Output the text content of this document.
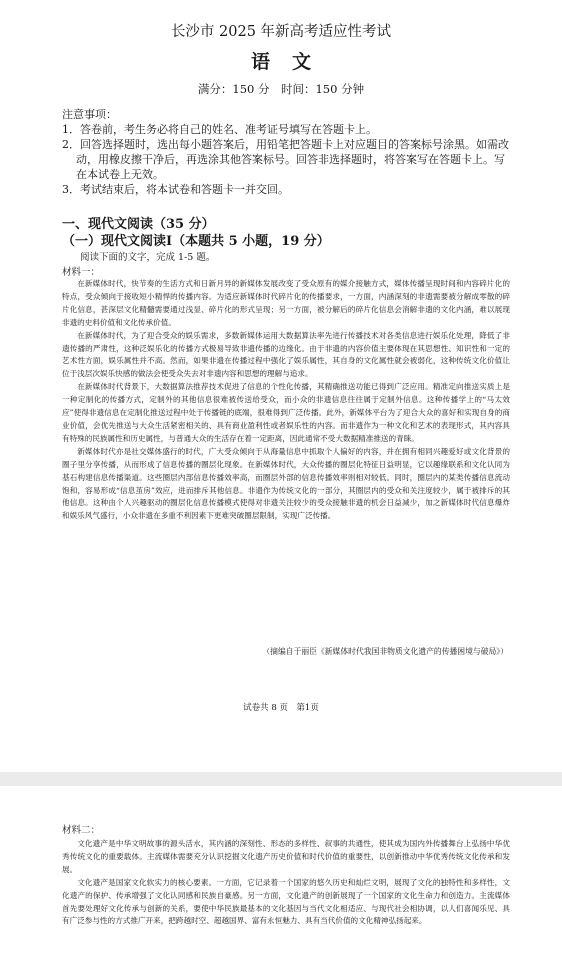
长沙市 2025 年新高考适应性考试
语文
满分：150 分　时间：150 分钟
注意事项：

1．答卷前，考生务必将自己的姓名、准考证号填写在答题卡上。

2．回答选择题时，选出每小题答案后，用铅笔把答题卡上对应题目的答案标号涂黑。如需改动，用橡皮擦干净后，再选涂其他答案标号。回答非选择题时，将答案写在答题卡上。写在本试卷上无效。

3．考试结束后，将本试卷和答题卡一并交回。

一、现代文阅读（35 分）
（一）现代文阅读Ⅰ（本题共 5 小题，19 分）
阅读下面的文字，完成 1-5 题。
材料一：

在新媒体时代，快节奏的生活方式和日新月异的新媒体发展改变了受众原有的媒介接触方式，媒体传播呈现时间和内容碎片化的特点，受众倾向于接收短小精悍的传播内容。为适应新媒体时代碎片化的传播要求，一方面，内涵深刻的非遗需要被分解成零散的碎片化信息，甚深层文化精髓需要通过浅显、碎片化的形式呈现；另一方面，被分解后的碎片化信息会消解非遗的文化内涵，难以展现非遗的史料价值和文化传承价值。

在新媒体时代，为了迎合受众的娱乐需求，多数新媒体运用大数据算法率先进行传播技术对各类信息进行娱乐化处理，降低了非遗传播的严肃性，这种泛娱乐化的传播方式极易导致非遗传播的边缘化。由于非遗的内容价值主要体现在其思想性、知识性和一定的艺术性方面，娱乐属性并不高。然而，如果非遗在传播过程中强化了娱乐属性，其自身的文化属性就会被弱化，这种传统文化价值让位于浅层次娱乐快感的做法会使受众失去对非遗内容和思想的理解与追求。

在新媒体时代背景下，大数据算法推荐技术促进了信息的个性化传播，其精确推送功能已得到广泛应用。精准定向推送实质上是一种定制化的传播方式，定制外的其他信息很难被传送给受众，而小众的非遗信息往往属于定制外信息。这种传播学上的“马太效应”使得非遗信息在定制化推送过程中处于传播链的底端，很难得到广泛传播。此外，新媒体平台为了迎合大众的喜好和实现自身的商业价值，会优先推送与大众生活紧密相关的、具有商业盈利性或者娱乐性的内容。而非遗作为一种文化和艺术的表现形式，其内容具有特殊的民族属性和历史属性，与普通大众的生活存在着一定距离，因此通常不受大数据精准推送的青睐。

新媒体时代亦是社交媒体盛行的时代，广大受众倾向于从海量信息中抓取个人偏好的内容，并在拥有相同兴趣爱好或文化背景的圈子里分享传播，从而形成了信息传播的圈层化现象。在新媒体时代，大众传播的圈层化特征日益明显，它以趣缘联系和文化认同为基石构建信息传播渠道。这些圈层内部信息传播效率高，而圈层外部的信息传播效率则相对较低。同时，圈层内的某类传播信息流动饱和，容易形成“信息茧房”效应，进而排斥其他信息。非遗作为传统文化的一部分，其圈层内的受众和关注度较少，属于被排斥的其他信息。这种由个人兴趣驱动的圈层化信息传播模式使得对非遗关注较少的受众接触非遗的机会日益减少，加之新媒体时代信息爆炸和娱乐风气盛行，小众非遗在多重不利因素下更难突破圈层限制，实现广泛传播。

（摘编自于丽臣《新媒体时代我国非物质文化遗产的传播困境与破局》）
试卷共 8 页　第1页
材料二：

文化遗产是中华文明故事的源头活水，其内涵的深刻性、形态的多样性、叙事的共通性，使其成为国内外传播舞台上弘扬中华优秀传统文化的重要载体。主流媒体需要充分认识挖掘文化遗产历史价值和时代价值的重要性，以创新推动中华优秀传统文化传承和发展。

文化遗产是国家文化软实力的核心要素。一方面，它记录着一个国家的悠久历史和灿烂文明，展现了文化的独特性和多样性，文化遗产的保护、传承增强了文化认同感和民族自豪感。另一方面，文化遗产的创新展现了一个国家的文化生命力和创造力。主流媒体首先要处理好文化传承与创新的关系，要使中华民族最基本的文化基因与当代文化相适应、与现代社会相协调，以人们喜闻乐见、具有广泛参与性的方式推广开来，把跨越时空、超越国界、富有永恒魅力、具有当代价值的文化精神弘扬起来。
